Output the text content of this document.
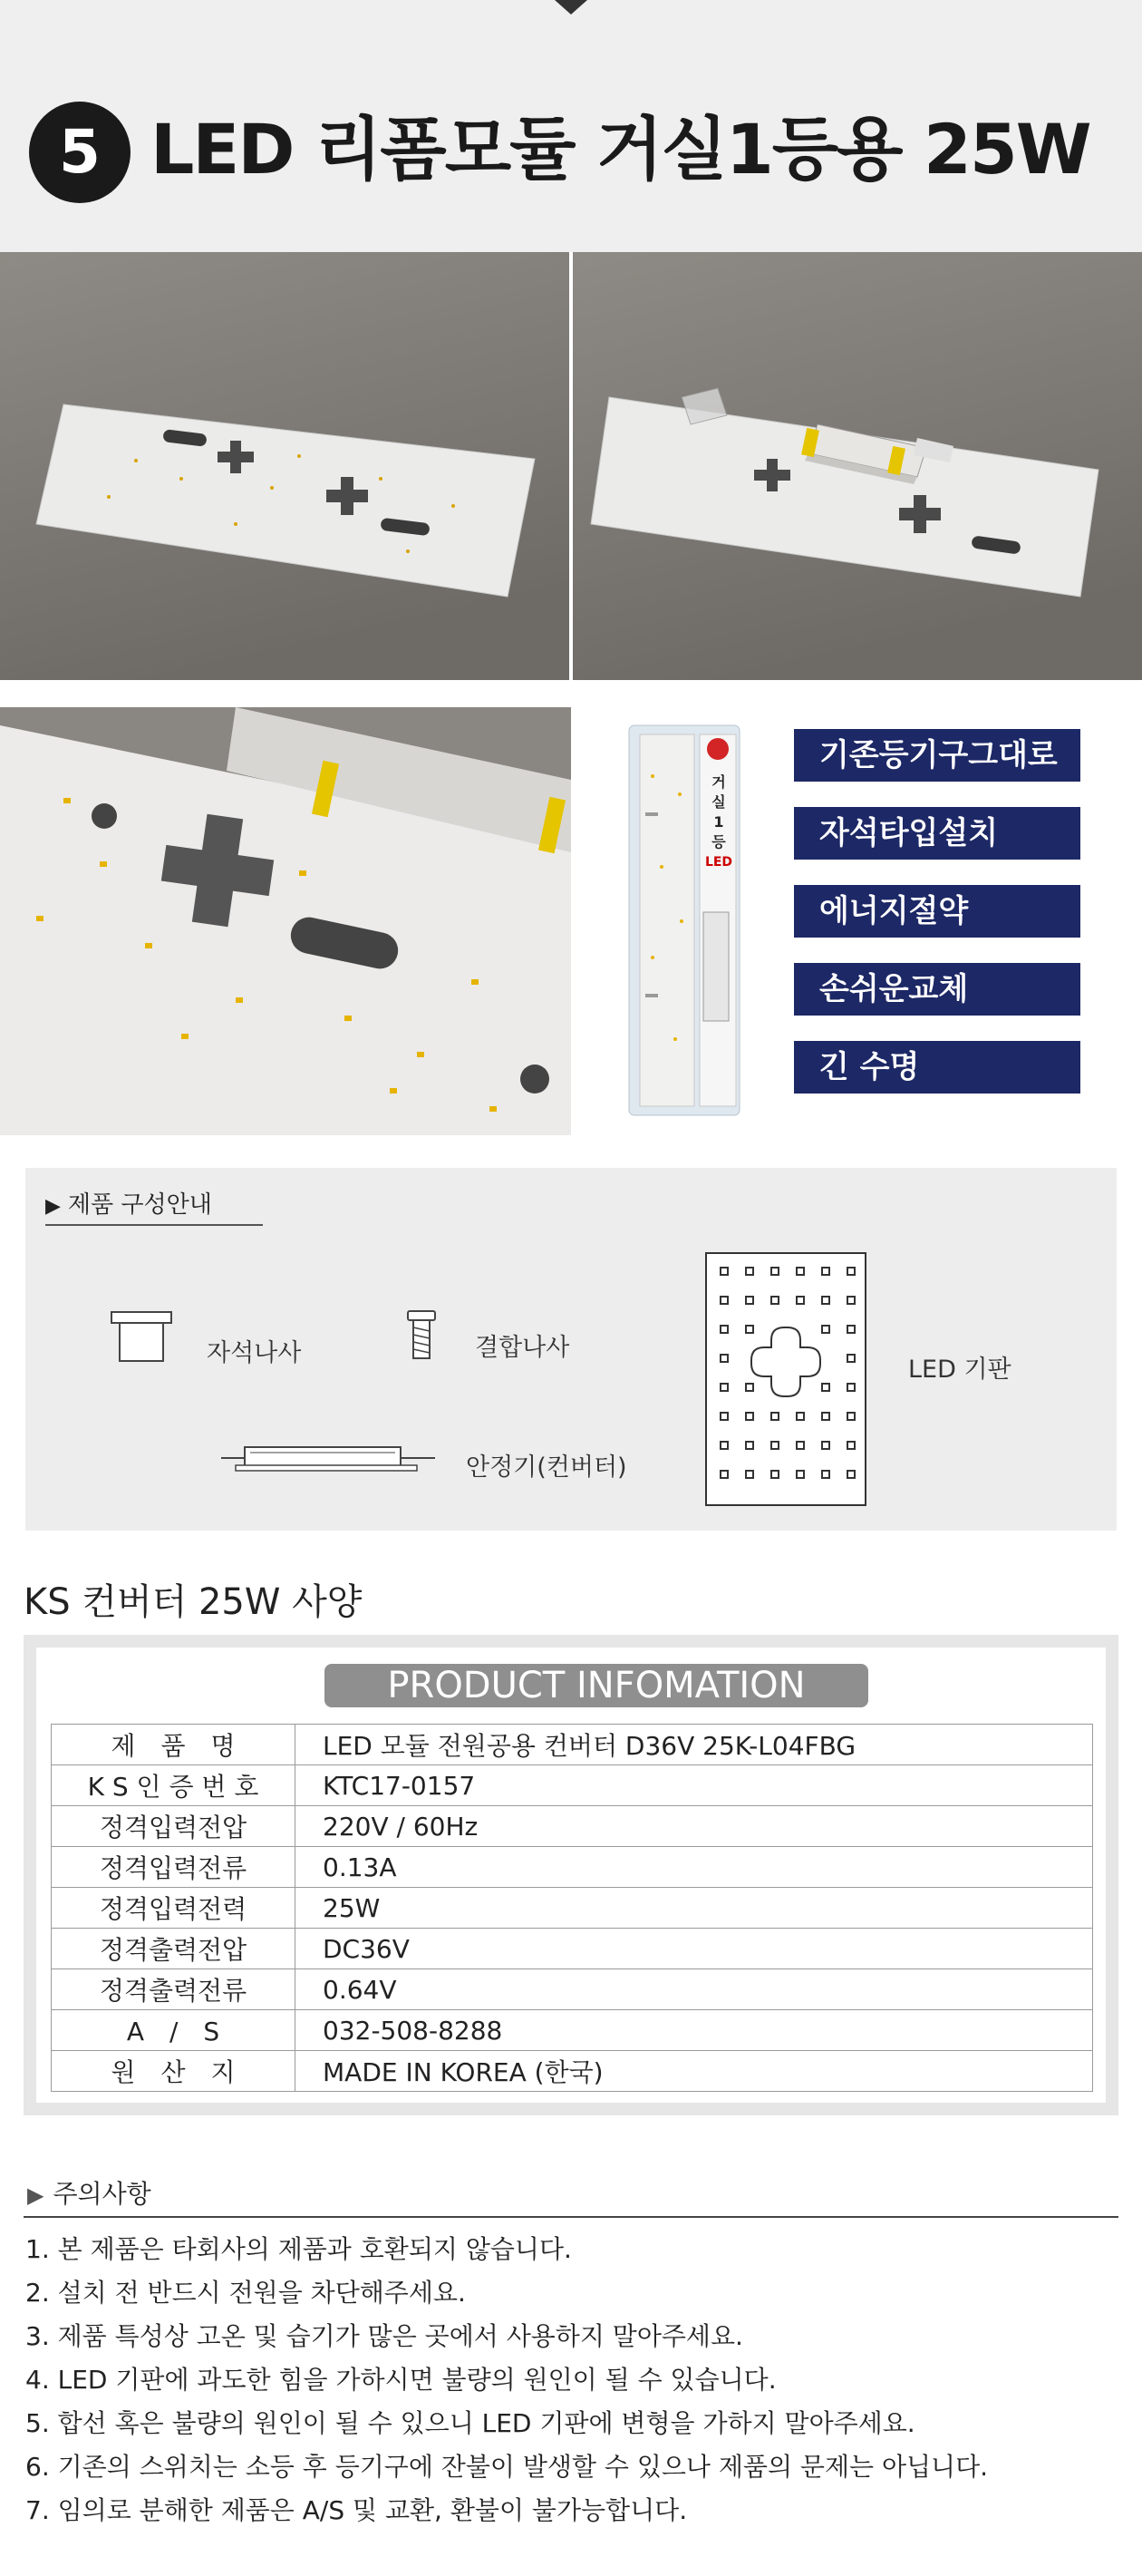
5 LED 리폼모듈 거실1등용 25W
거
실
1
등
LED
기존등기구그대로
자석타입설치
에너지절약
손쉬운교체
긴 수명
▶ 제품 구성안내
자석나사	결합나사
안정기(컨버터)
LED 기판
KS 컨버터 25W 사양
PRODUCT INFOMATION
제　품　명	LED 모듈 전원공용 컨버터 D36V 25K-L04FBG
K S 인 증 번 호	KTC17-0157
정격입력전압	220V / 60Hz
정격입력전류	0.13A
정격입력전력	25W
정격출력전압	DC36V
정격출력전류	0.64V
A　/　S	032-508-8288
원　산　지	MADE IN KOREA (한국)
▶ 주의사항
1. 본 제품은 타회사의 제품과 호환되지 않습니다.
2. 설치 전 반드시 전원을 차단해주세요.
3. 제품 특성상 고온 및 습기가 많은 곳에서 사용하지 말아주세요.
4. LED 기판에 과도한 힘을 가하시면 불량의 원인이 될 수 있습니다.
5. 합선 혹은 불량의 원인이 될 수 있으니 LED 기판에 변형을 가하지 말아주세요.
6. 기존의 스위치는 소등 후 등기구에 잔불이 발생할 수 있으나 제품의 문제는 아닙니다.
7. 임의로 분해한 제품은 A/S 및 교환, 환불이 불가능합니다.
